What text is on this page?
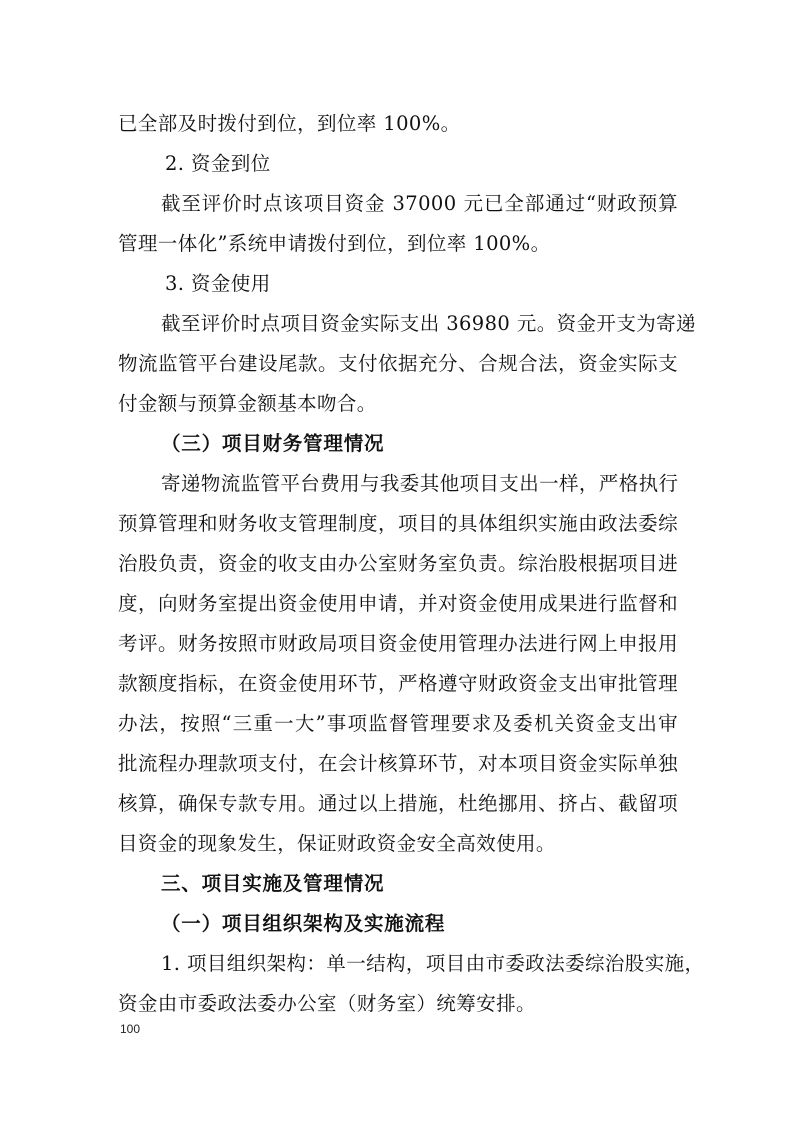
已全部及时拨付到位，到位率 100%。
2. 资金到位
截至评价时点该项目资金 37000 元已全部通过“财政预算
管理一体化”系统申请拨付到位，到位率 100%。
3. 资金使用
截至评价时点项目资金实际支出 36980 元。资金开支为寄递
物流监管平台建设尾款。支付依据充分、合规合法，资金实际支
付金额与预算金额基本吻合。
（三）项目财务管理情况
寄递物流监管平台费用与我委其他项目支出一样，严格执行
预算管理和财务收支管理制度，项目的具体组织实施由政法委综
治股负责，资金的收支由办公室财务室负责。综治股根据项目进
度，向财务室提出资金使用申请，并对资金使用成果进行监督和
考评。财务按照市财政局项目资金使用管理办法进行网上申报用
款额度指标，在资金使用环节，严格遵守财政资金支出审批管理
办法，按照“三重一大”事项监督管理要求及委机关资金支出审
批流程办理款项支付，在会计核算环节，对本项目资金实际单独
核算，确保专款专用。通过以上措施，杜绝挪用、挤占、截留项
目资金的现象发生，保证财政资金安全高效使用。
三、项目实施及管理情况
（一）项目组织架构及实施流程
1. 项目组织架构：单一结构，项目由市委政法委综治股实施，
资金由市委政法委办公室（财务室）统筹安排。
100
